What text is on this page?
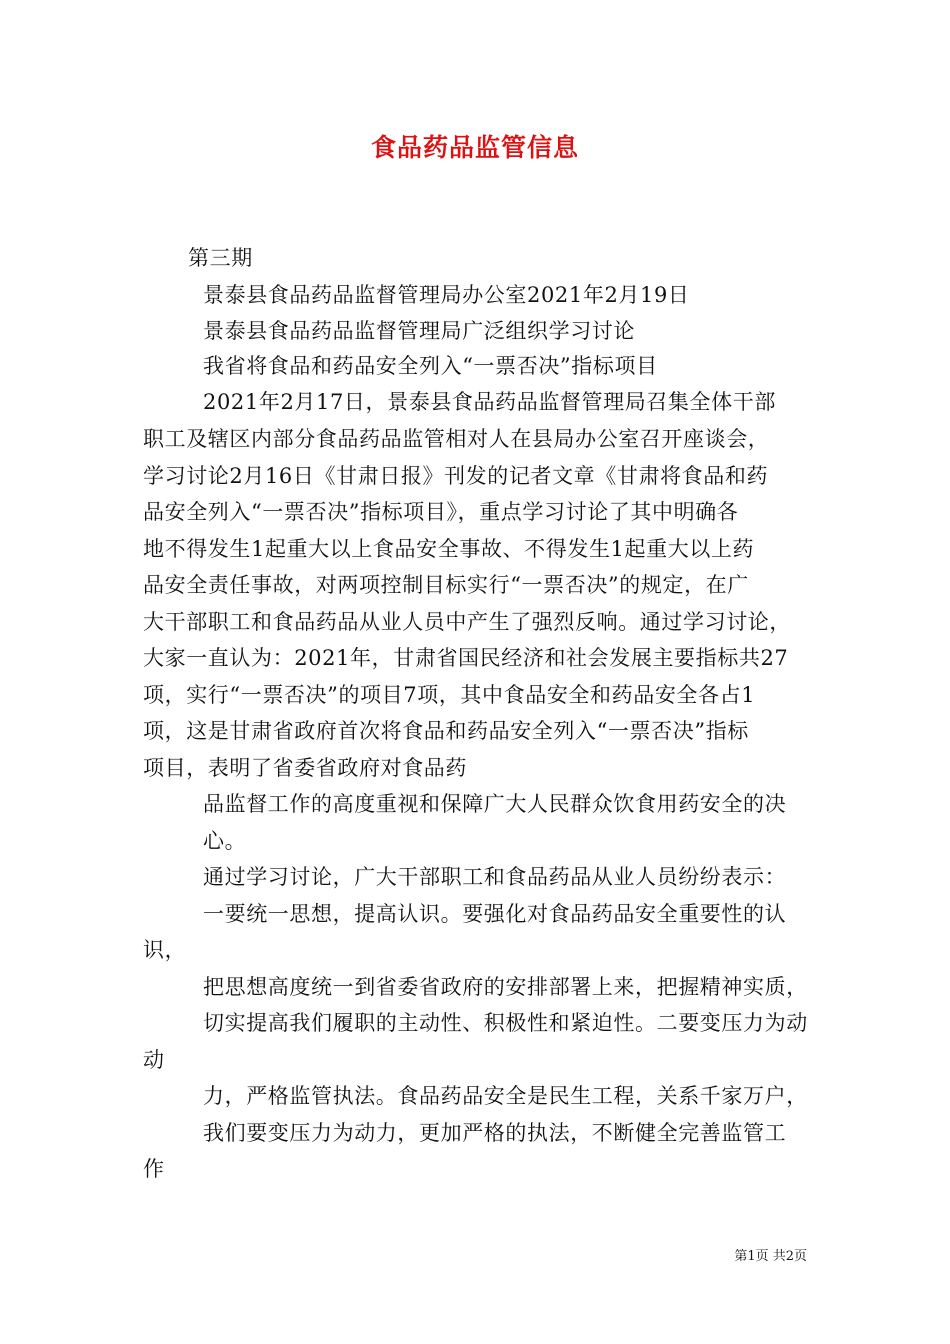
食品药品监管信息
第三期
景泰县食品药品监督管理局办公室2021年2月19日
景泰县食品药品监督管理局广泛组织学习讨论
我省将食品和药品安全列入“一票否决”指标项目
2021年2月17日，景泰县食品药品监督管理局召集全体干部
职工及辖区内部分食品药品监管相对人在县局办公室召开座谈会，
学习讨论2月16日《甘肃日报》刊发的记者文章《甘肃将食品和药
品安全列入“一票否决”指标项目》，重点学习讨论了其中明确各
地不得发生1起重大以上食品安全事故、不得发生1起重大以上药
品安全责任事故，对两项控制目标实行“一票否决”的规定，在广
大干部职工和食品药品从业人员中产生了强烈反响。通过学习讨论，
大家一直认为：2021年，甘肃省国民经济和社会发展主要指标共27
项，实行“一票否决”的项目7项，其中食品安全和药品安全各占1
项，这是甘肃省政府首次将食品和药品安全列入“一票否决”指标
项目，表明了省委省政府对食品药
品监督工作的高度重视和保障广大人民群众饮食用药安全的决
心。
通过学习讨论，广大干部职工和食品药品从业人员纷纷表示：
一要统一思想，提高认识。要强化对食品药品安全重要性的认
识，
把思想高度统一到省委省政府的安排部署上来，把握精神实质，
切实提高我们履职的主动性、积极性和紧迫性。二要变压力为动
动
力，严格监管执法。食品药品安全是民生工程，关系千家万户，
我们要变压力为动力，更加严格的执法，不断健全完善监管工
作
第1页 共2页
